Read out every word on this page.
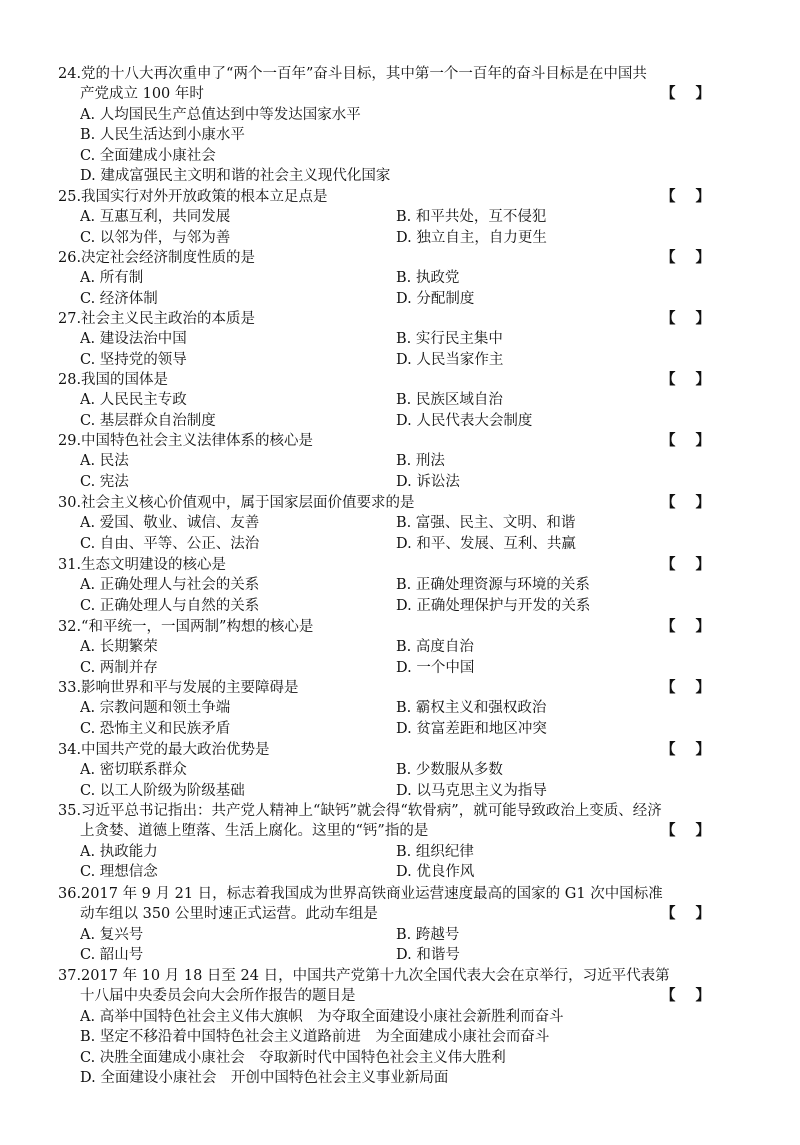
24.党的十八大再次重申了“两个一百年”奋斗目标，其中第一个一百年的奋斗目标是在中国共
产党成立 100 年时	【】
A. 人均国民生产总值达到中等发达国家水平
B. 人民生活达到小康水平
C. 全面建成小康社会
D. 建成富强民主文明和谐的社会主义现代化国家
25.我国实行对外开放政策的根本立足点是	【】
A. 互惠互利，共同发展	B. 和平共处，互不侵犯
C. 以邻为伴，与邻为善	D. 独立自主，自力更生
26.决定社会经济制度性质的是	【】
A. 所有制	B. 执政党
C. 经济体制	D. 分配制度
27.社会主义民主政治的本质是	【】
A. 建设法治中国	B. 实行民主集中
C. 坚持党的领导	D. 人民当家作主
28.我国的国体是	【】
A. 人民民主专政	B. 民族区域自治
C. 基层群众自治制度	D. 人民代表大会制度
29.中国特色社会主义法律体系的核心是	【】
A. 民法	B. 刑法
C. 宪法	D. 诉讼法
30.社会主义核心价值观中，属于国家层面价值要求的是	【】
A. 爱国、敬业、诚信、友善	B. 富强、民主、文明、和谐
C. 自由、平等、公正、法治	D. 和平、发展、互利、共赢
31.生态文明建设的核心是	【】
A. 正确处理人与社会的关系	B. 正确处理资源与环境的关系
C. 正确处理人与自然的关系	D. 正确处理保护与开发的关系
32.“和平统一，一国两制”构想的核心是	【】
A. 长期繁荣	B. 高度自治
C. 两制并存	D. 一个中国
33.影响世界和平与发展的主要障碍是	【】
A. 宗教问题和领土争端	B. 霸权主义和强权政治
C. 恐怖主义和民族矛盾	D. 贫富差距和地区冲突
34.中国共产党的最大政治优势是	【】
A. 密切联系群众	B. 少数服从多数
C. 以工人阶级为阶级基础	D. 以马克思主义为指导
35.习近平总书记指出：共产党人精神上“缺钙”就会得“软骨病”，就可能导致政治上变质、经济
上贪婪、道德上堕落、生活上腐化。这里的“钙”指的是	【】
A. 执政能力	B. 组织纪律
C. 理想信念	D. 优良作风
36.2017 年 9 月 21 日，标志着我国成为世界高铁商业运营速度最高的国家的 G1 次中国标准
动车组以 350 公里时速正式运营。此动车组是	【】
A. 复兴号	B. 跨越号
C. 韶山号	D. 和谐号
37.2017 年 10 月 18 日至 24 日，中国共产党第十九次全国代表大会在京举行，习近平代表第
十八届中央委员会向大会所作报告的题目是	【】
A. 高举中国特色社会主义伟大旗帜　为夺取全面建设小康社会新胜利而奋斗
B. 坚定不移沿着中国特色社会主义道路前进　为全面建成小康社会而奋斗
C. 决胜全面建成小康社会　夺取新时代中国特色社会主义伟大胜利
D. 全面建设小康社会　开创中国特色社会主义事业新局面
